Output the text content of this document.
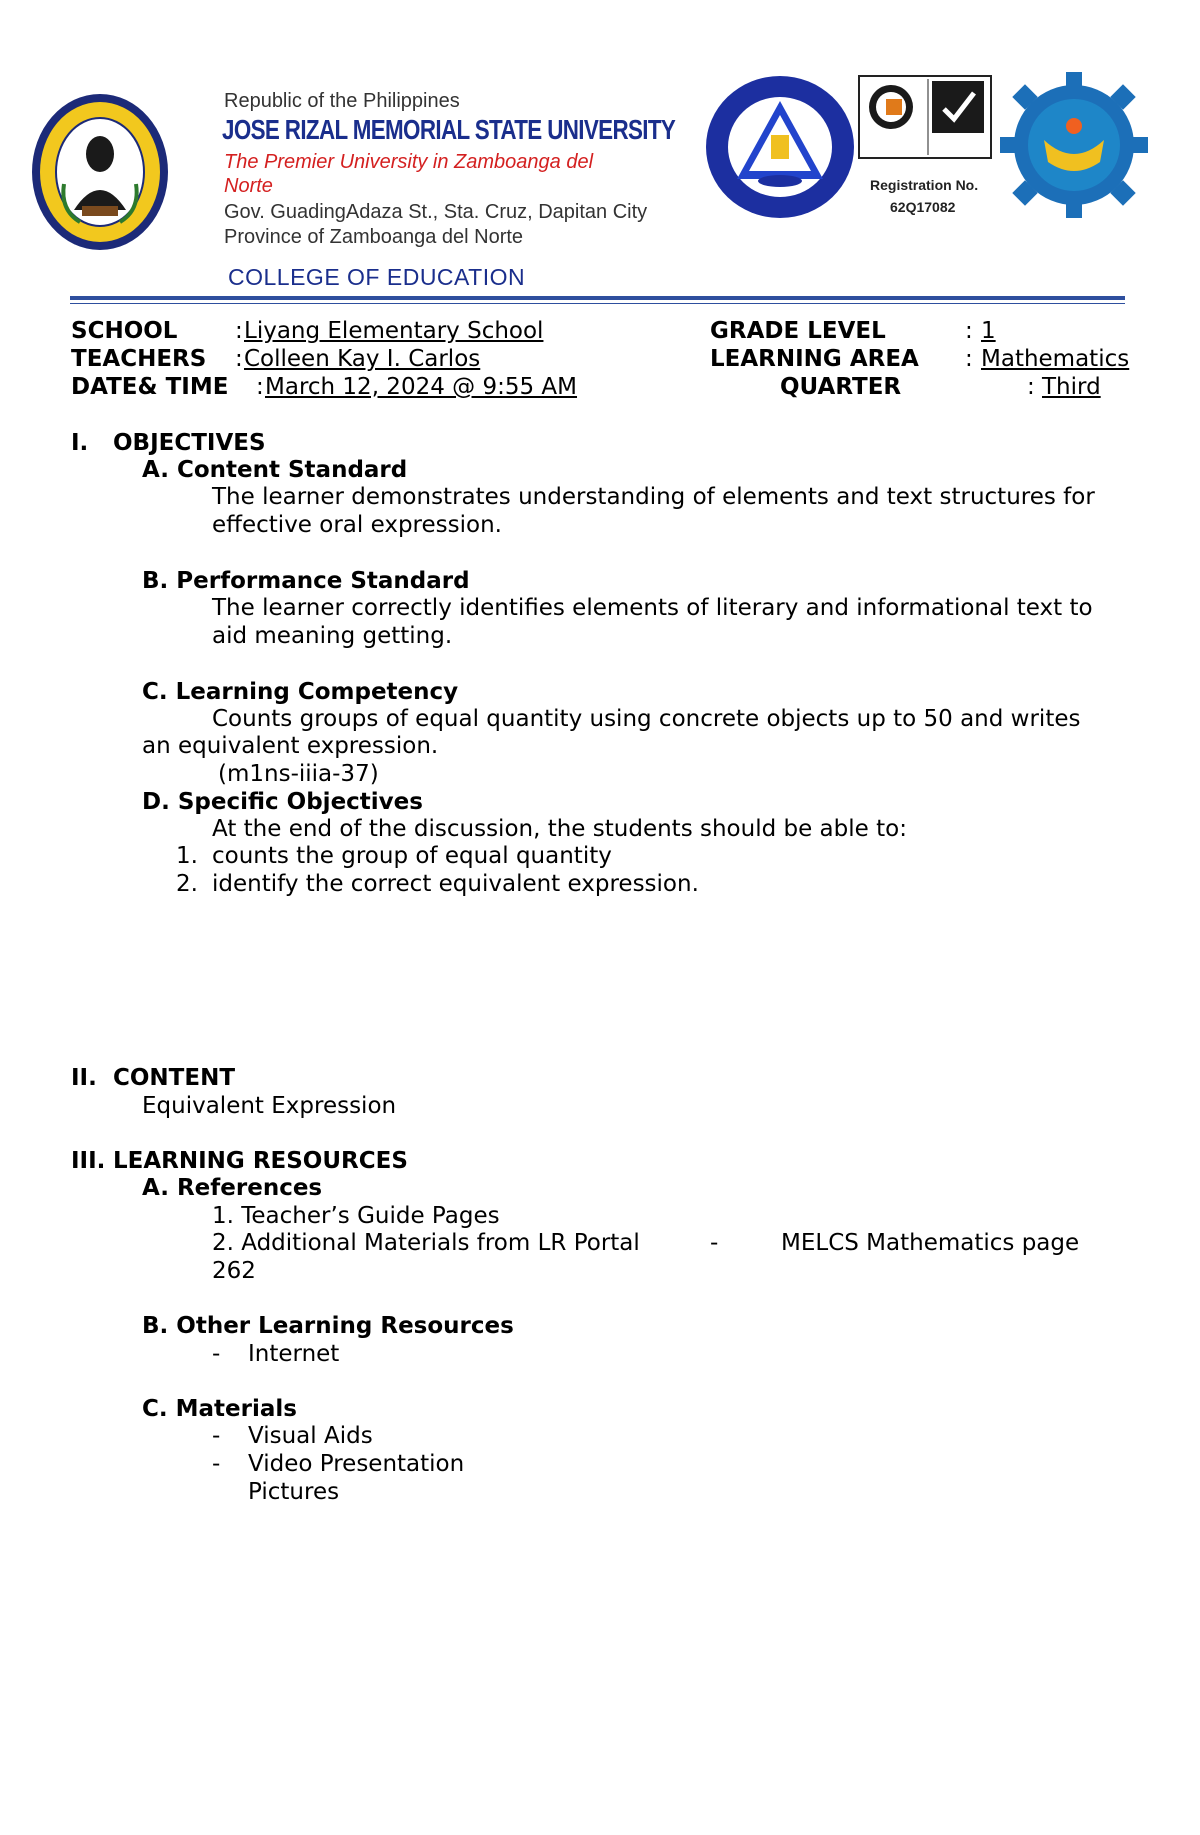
Republic of the Philippines
JOSE RIZAL MEMORIAL STATE UNIVERSITY
The Premier University in Zamboanga del
Norte
Gov. GuadingAdaza St., Sta. Cruz, Dapitan City
Province of Zamboanga del Norte
Registration No.
62Q17082
COLLEGE OF EDUCATION
SCHOOL	: Liyang Elementary School
TEACHERS : Colleen Kay I. Carlos
DATE& TIME : March 12, 2024 @ 9:55 AM
GRADE LEVEL	: 1
LEARNING AREA : Mathematics
QUARTER	: Third
I. OBJECTIVES
A. Content Standard
The learner demonstrates understanding of elements and text structures for
effective oral expression.
B. Performance Standard
The learner correctly identifies elements of literary and informational text to
aid meaning getting.
C. Learning Competency
Counts groups of equal quantity using concrete objects up to 50 and writes
an equivalent expression.
(m1ns-iiia-37)
D. Specific Objectives
At the end of the discussion, the students should be able to:
1. counts the group of equal quantity
2. identify the correct equivalent expression.
II. CONTENT
Equivalent Expression
III. LEARNING RESOURCES
A. References
1. Teacher’s Guide Pages
2. Additional Materials from LR Portal	-	MELCS Mathematics page
262
B. Other Learning Resources
- Internet
C. Materials
- Visual Aids
- Video Presentation
Pictures
